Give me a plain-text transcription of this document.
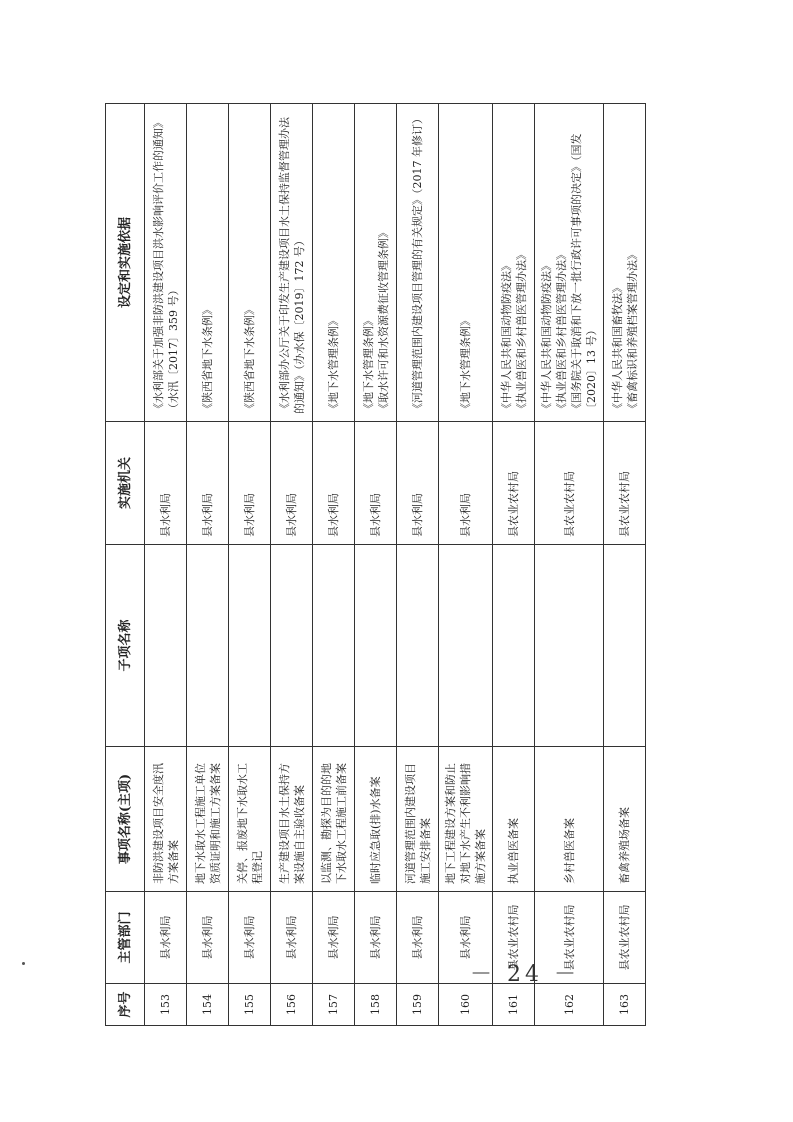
序号	主管部门	事项名称(主项)	子项名称	实施机关	设定和实施依据
153	县水利局	非防洪建设项目安全度汛方案备案		县水利局	《水利部关于加强非防洪建设项目洪水影响评价工作的通知》（水汛〔2017〕359 号）

154	县水利局	地下水取水工程施工单位资质证明和施工方案备案		县水利局	《陕西省地下水条例》

155	县水利局	关停、报废地下水取水工程登记		县水利局	《陕西省地下水条例》

156	县水利局	生产建设项目水土保持方案设施自主验收备案		县水利局	《水利部办公厅关于印发生产建设项目水土保持监督管理办法的通知》（办水保〔2019〕172 号）

157	县水利局	以监测、勘探为目的的地下水取水工程施工前备案		县水利局	《地下水管理条例》

158	县水利局	临时应急取(排)水备案		县水利局	《地下水管理条例》 《取水许可和水资源费征收管理条例》

159	县水利局	河道管理范围内建设项目施工安排备案		县水利局	《河道管理范围内建设项目管理的有关规定》（2017 年修订）

160	县水利局	地下工程建设方案和防止对地下水产生不利影响措施方案备案		县水利局	《地下水管理条例》

161	县农业农村局	执业兽医备案		县农业农村局	《中华人民共和国动物防疫法》 《执业兽医和乡村兽医管理办法》

162	县农业农村局	乡村兽医备案		县农业农村局	《中华人民共和国动物防疫法》 《执业兽医和乡村兽医管理办法》 《国务院关于取消和下放一批行政许可事项的决定》（国发〔2020〕13 号）

163	县农业农村局	畜禽养殖场备案		县农业农村局	《中华人民共和国畜牧法》 《畜禽标识和养殖档案管理办法》
－ 24 －
